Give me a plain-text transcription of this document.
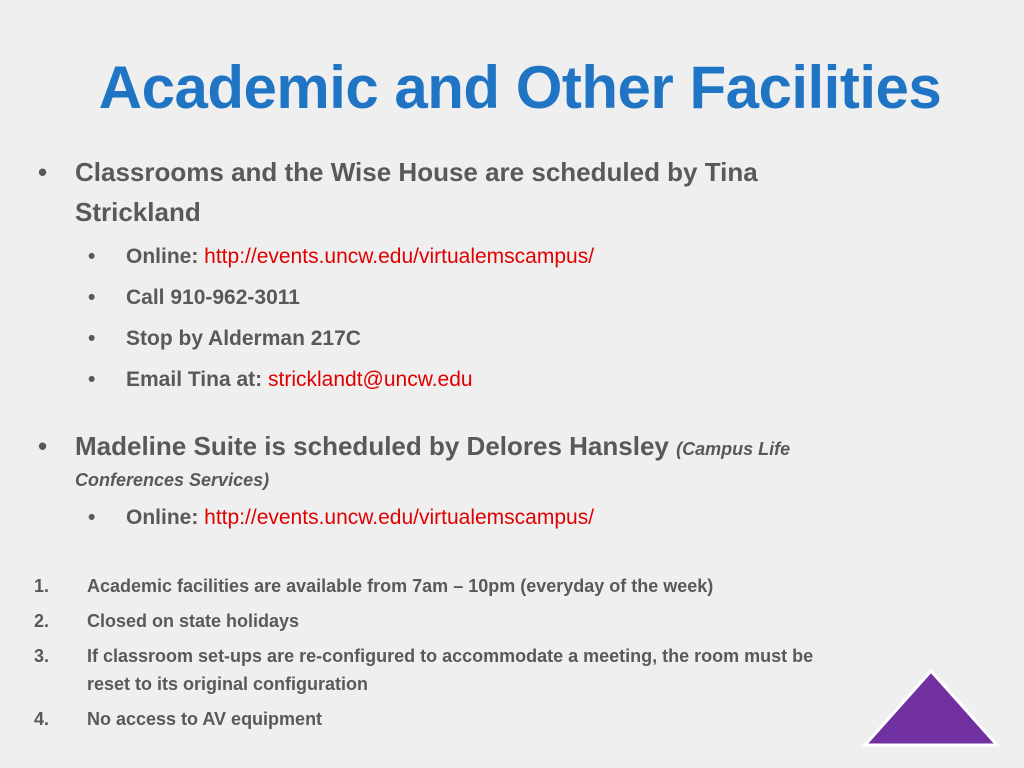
Academic and Other Facilities
• Classrooms and the Wise House are scheduled by Tina
Strickland
• Online: http://events.uncw.edu/virtualemscampus/
• Call 910-962-3011
• Stop by Alderman 217C
• Email Tina at: stricklandt@uncw.edu
• Madeline Suite is scheduled by Delores Hansley (Campus Life
Conferences Services)
• Online: http://events.uncw.edu/virtualemscampus/
1. Academic facilities are available from 7am – 10pm (everyday of the week)
2. Closed on state holidays
3. If classroom set-ups are re-configured to accommodate a meeting, the room must be
reset to its original configuration
4. No access to AV equipment
